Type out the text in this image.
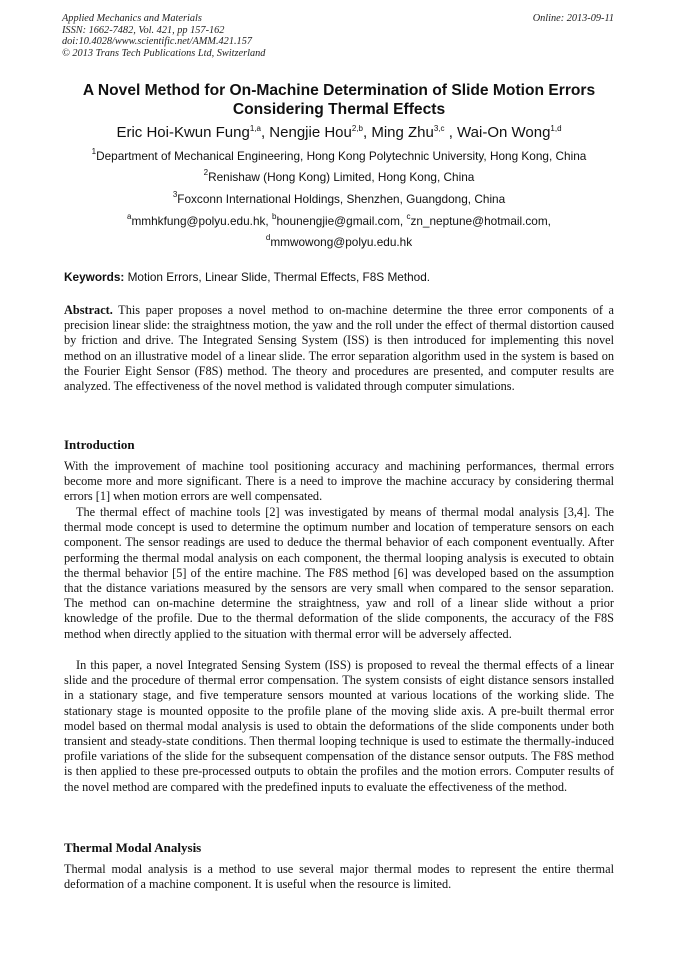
Applied Mechanics and Materials
ISSN: 1662-7482, Vol. 421, pp 157-162
doi:10.4028/www.scientific.net/AMM.421.157
© 2013 Trans Tech Publications Ltd, Switzerland
Online: 2013-09-11
A Novel Method for On-Machine Determination of Slide Motion Errors Considering Thermal Effects
Eric Hoi-Kwun Fung$^{1,a}$, Nengjie Hou$^{2,b}$, Ming Zhu$^{3,c}$ , Wai-On Wong$^{1,d}$
$^1$Department of Mechanical Engineering, Hong Kong Polytechnic University, Hong Kong, China
$^2$Renishaw (Hong Kong) Limited, Hong Kong, China
$^3$Foxconn International Holdings, Shenzhen, Guangdong, China
$^a$mmhkfung@polyu.edu.hk, $^b$hounengjie@gmail.com, $^c$zn_neptune@hotmail.com,
$^d$mmwowong@polyu.edu.hk
Keywords: Motion Errors, Linear Slide, Thermal Effects, F8S Method.
Abstract. This paper proposes a novel method to on-machine determine the three error components of a precision linear slide: the straightness motion, the yaw and the roll under the effect of thermal distortion caused by friction and drive. The Integrated Sensing System (ISS) is then introduced for implementing this novel method on an illustrative model of a linear slide. The error separation algorithm used in the system is based on the Fourier Eight Sensor (F8S) method. The theory and procedures are presented, and computer results are analyzed. The effectiveness of the novel method is validated through computer simulations.
Introduction
With the improvement of machine tool positioning accuracy and machining performances, thermal errors become more and more significant. There is a need to improve the machine accuracy by considering thermal errors [1] when motion errors are well compensated.
The thermal effect of machine tools [2] was investigated by means of thermal modal analysis [3,4]. The thermal mode concept is used to determine the optimum number and location of temperature sensors on each component. The sensor readings are used to deduce the thermal behavior of each component eventually. After performing the thermal modal analysis on each component, the thermal looping analysis is executed to obtain the thermal behavior [5] of the entire machine. The F8S method [6] was developed based on the assumption that the distance variations measured by the sensors are very small when compared to the sensor separation. The method can on-machine determine the straightness, yaw and roll of a linear slide without a prior knowledge of the profile. Due to the thermal deformation of the slide components, the accuracy of the F8S method when directly applied to the situation with thermal error will be adversely affected.
In this paper, a novel Integrated Sensing System (ISS) is proposed to reveal the thermal effects of a linear slide and the procedure of thermal error compensation. The system consists of eight distance sensors installed in a stationary stage, and five temperature sensors mounted at various locations of the working slide. The stationary stage is mounted opposite to the profile plane of the moving slide axis. A pre-built thermal error model based on thermal modal analysis is used to obtain the deformations of the slide components under both transient and steady-state conditions. Then thermal looping technique is used to estimate the thermally-induced profile variations of the slide for the subsequent compensation of the distance sensor outputs. The F8S method is then applied to these pre-processed outputs to obtain the profiles and the motion errors. Computer results of the novel method are compared with the predefined inputs to evaluate the effectiveness of the method.
Thermal Modal Analysis
Thermal modal analysis is a method to use several major thermal modes to represent the entire thermal deformation of a machine component. It is useful when the resource is limited.
